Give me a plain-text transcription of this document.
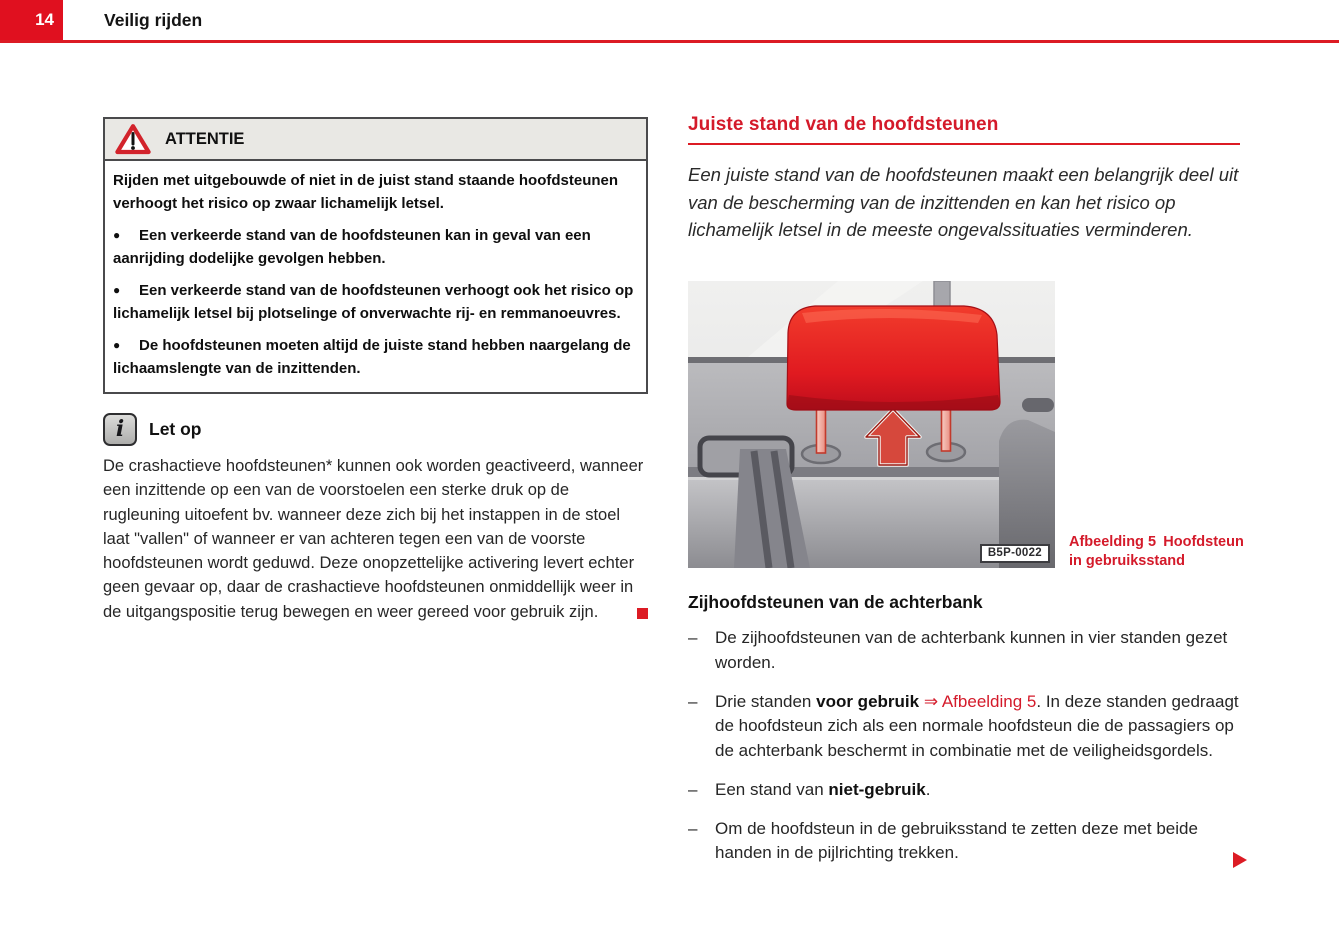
14	Veilig rijden
ATTENTIE

Rijden met uitgebouwde of niet in de juist stand staande hoofdsteunen verhoogt het risico op zwaar lichamelijk letsel.

● Een verkeerde stand van de hoofdsteunen kan in geval van een aanrijding dodelijke gevolgen hebben.

● Een verkeerde stand van de hoofdsteunen verhoogt ook het risico op lichamelijk letsel bij plotselinge of onverwachte rij- en remmanoeuvres.

● De hoofdsteunen moeten altijd de juiste stand hebben naargelang de lichaamslengte van de inzittenden.

i Let op

De crashactieve hoofdsteunen* kunnen ook worden geactiveerd, wanneer een inzittende op een van de voorstoelen een sterke druk op de rugleuning uitoefent bv. wanneer deze zich bij het instappen in de stoel laat "vallen" of wanneer er van achteren tegen een van de voorste hoofdsteunen wordt geduwd. Deze onopzettelijke activering levert echter geen gevaar op, daar de crashactieve hoofdsteunen onmiddellijk weer in de uitgangspositie terug bewegen en weer gereed voor gebruik zijn.

Juiste stand van de hoofdsteunen

Een juiste stand van de hoofdsteunen maakt een belangrijk deel uit van de bescherming van de inzittenden en kan het risico op lichamelijk letsel in de meeste ongevalssituaties verminderen.

B5P-0022
Afbeelding 5 Hoofdsteun
in gebruiksstand
Zijhoofdsteunen van de achterbank
–	De zijhoofdsteunen van de achterbank kunnen in vier standen gezet worden.

–	Drie standen voor gebruik ⇒ Afbeelding 5. In deze standen gedraagt de hoofdsteun zich als een normale hoofdsteun die de passagiers op de achterbank beschermt in combinatie met de veiligheidsgordels.

–	Een stand van niet-gebruik.

–	Om de hoofdsteun in de gebruiksstand te zetten deze met beide handen in de pijlrichting trekken.
